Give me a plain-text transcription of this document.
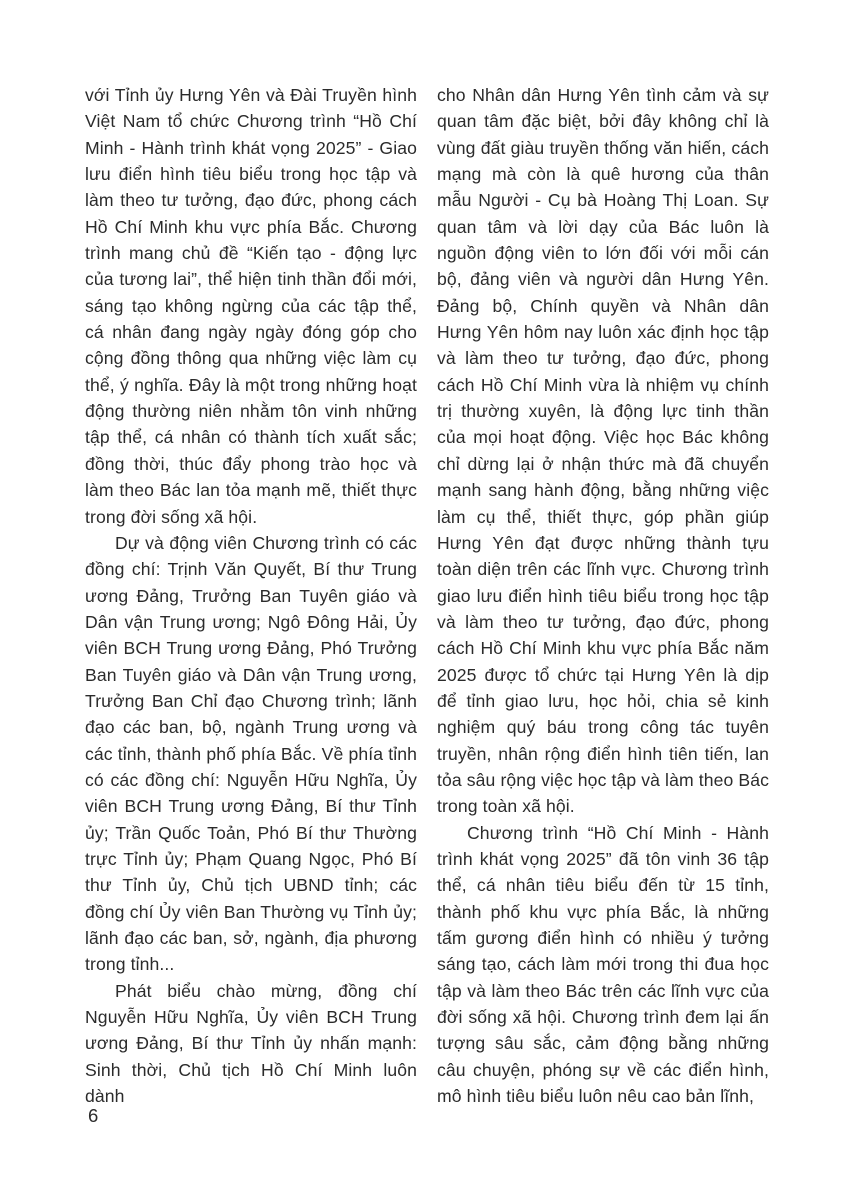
với Tỉnh ủy Hưng Yên và Đài Truyền hình Việt Nam tổ chức Chương trình “Hồ Chí Minh - Hành trình khát vọng 2025” - Giao lưu điển hình tiêu biểu trong học tập và làm theo tư tưởng, đạo đức, phong cách Hồ Chí Minh khu vực phía Bắc. Chương trình mang chủ đề “Kiến tạo - động lực của tương lai”, thể hiện tinh thần đổi mới, sáng tạo không ngừng của các tập thể, cá nhân đang ngày ngày đóng góp cho cộng đồng thông qua những việc làm cụ thể, ý nghĩa. Đây là một trong những hoạt động thường niên nhằm tôn vinh những tập thể, cá nhân có thành tích xuất sắc; đồng thời, thúc đẩy phong trào học và làm theo Bác lan tỏa mạnh mẽ, thiết thực trong đời sống xã hội.

Dự và động viên Chương trình có các đồng chí: Trịnh Văn Quyết, Bí thư Trung ương Đảng, Trưởng Ban Tuyên giáo và Dân vận Trung ương; Ngô Đông Hải, Ủy viên BCH Trung ương Đảng, Phó Trưởng Ban Tuyên giáo và Dân vận Trung ương, Trưởng Ban Chỉ đạo Chương trình; lãnh đạo các ban, bộ, ngành Trung ương và các tỉnh, thành phố phía Bắc. Về phía tỉnh có các đồng chí: Nguyễn Hữu Nghĩa, Ủy viên BCH Trung ương Đảng, Bí thư Tỉnh ủy; Trần Quốc Toản, Phó Bí thư Thường trực Tỉnh ủy; Phạm Quang Ngọc, Phó Bí thư Tỉnh ủy, Chủ tịch UBND tỉnh; các đồng chí Ủy viên Ban Thường vụ Tỉnh ủy; lãnh đạo các ban, sở, ngành, địa phương trong tỉnh...

Phát biểu chào mừng, đồng chí Nguyễn Hữu Nghĩa, Ủy viên BCH Trung ương Đảng, Bí thư Tỉnh ủy nhấn mạnh: Sinh thời, Chủ tịch Hồ Chí Minh luôn dành

cho Nhân dân Hưng Yên tình cảm và sự quan tâm đặc biệt, bởi đây không chỉ là vùng đất giàu truyền thống văn hiến, cách mạng mà còn là quê hương của thân mẫu Người - Cụ bà Hoàng Thị Loan. Sự quan tâm và lời dạy của Bác luôn là nguồn động viên to lớn đối với mỗi cán bộ, đảng viên và người dân Hưng Yên. Đảng bộ, Chính quyền và Nhân dân Hưng Yên hôm nay luôn xác định học tập và làm theo tư tưởng, đạo đức, phong cách Hồ Chí Minh vừa là nhiệm vụ chính trị thường xuyên, là động lực tinh thần của mọi hoạt động. Việc học Bác không chỉ dừng lại ở nhận thức mà đã chuyển mạnh sang hành động, bằng những việc làm cụ thể, thiết thực, góp phần giúp Hưng Yên đạt được những thành tựu toàn diện trên các lĩnh vực. Chương trình giao lưu điển hình tiêu biểu trong học tập và làm theo tư tưởng, đạo đức, phong cách Hồ Chí Minh khu vực phía Bắc năm 2025 được tổ chức tại Hưng Yên là dịp để tỉnh giao lưu, học hỏi, chia sẻ kinh nghiệm quý báu trong công tác tuyên truyền, nhân rộng điển hình tiên tiến, lan tỏa sâu rộng việc học tập và làm theo Bác trong toàn xã hội.

Chương trình “Hồ Chí Minh - Hành trình khát vọng 2025” đã tôn vinh 36 tập thể, cá nhân tiêu biểu đến từ 15 tỉnh, thành phố khu vực phía Bắc, là những tấm gương điển hình có nhiều ý tưởng sáng tạo, cách làm mới trong thi đua học tập và làm theo Bác trên các lĩnh vực của đời sống xã hội. Chương trình đem lại ấn tượng sâu sắc, cảm động bằng những câu chuyện, phóng sự về các điển hình, mô hình tiêu biểu luôn nêu cao bản lĩnh,

6
